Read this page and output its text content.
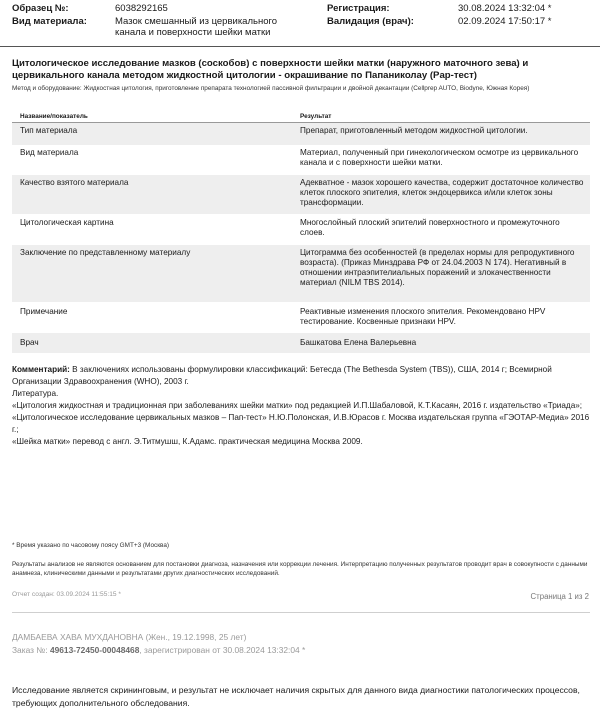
Образец №:	6038292165
Вид материала:	Мазок смешанный из цервикального канала и поверхности шейки матки
Регистрация:	30.08.2024 13:32:04 *
Валидация (врач):	02.09.2024 17:50:17 *
Цитологическое исследование мазков (соскобов) с поверхности шейки матки (наружного маточного зева) и цервикального канала методом жидкостной цитологии - окрашивание по Папаниколау (Pap-тест)
Метод и оборудование: Жидкостная цитология, приготовление препарата технологией пассивной фильтрации и двойной декантации (Cellprep AUTO, Biodyne, Южная Корея)
Название/показатель	Результат
Тип материала	Препарат, приготовленный методом жидкостной цитологии.
Вид материала	Материал, полученный при гинекологическом осмотре из цервикального канала и с поверхности шейки матки.
Качество взятого материала	Адекватное - мазок хорошего качества, содержит достаточное количество клеток плоского эпителия, клеток эндоцервикса и/или клеток зоны трансформации.
Цитологическая картина	Многослойный плоский эпителий поверхностного и промежуточного слоев.
Заключение по представленному материалу	Цитограмма без особенностей (в пределах нормы для репродуктивного возраста). (Приказ Минздрава РФ от 24.04.2003 N 174). Негативный в отношении интраэпителиальных поражений и злокачественности материал (NILM TBS 2014).
Примечание	Реактивные изменения плоского эпителия. Рекомендовано HPV тестирование. Косвенные признаки HPV.
Врач	Башкатова Елена Валерьевна
Комментарий: В заключениях использованы формулировки классификаций: Бетесда (The Bethesda System (TBS)), США, 2014 г; Всемирной Организации Здравоохранения (WHO), 2003 г.
Литература.
«Цитология жидкостная и традиционная при заболеваниях шейки матки» под редакцией И.П.Шабаловой, К.Т.Касаян, 2016 г. издательство «Триада»;
«Цитологическое исследование цервикальных мазков – Пап-тест» Н.Ю.Полонская, И.В.Юрасов г. Москва издательская группа «ГЭОТАР-Медиа» 2016 г.;
«Шейка матки» перевод с англ. Э.Титмушш, К.Адамс. практическая медицина Москва 2009.
* Время указано по часовому поясу GMT+3 (Москва)
Результаты анализов не являются основанием для постановки диагноза, назначения или коррекции лечения. Интерпретацию полученных результатов проводит врач в совокупности с данными анамнеза, клиническими данными и результатами других диагностических исследований.
Отчет создан: 03.09.2024 11:55:15 *	Страница 1 из 2
ДАМБАЕВА ХАВА МУХДАНОВНА (Жен., 19.12.1998, 25 лет)
Заказ №: 49613-72450-00048468, зарегистрирован от 30.08.2024 13:32:04 *
Исследование является скрининговым, и результат не исключает наличия скрытых для данного вида диагностики патологических процессов, требующих дополнительного обследования.
